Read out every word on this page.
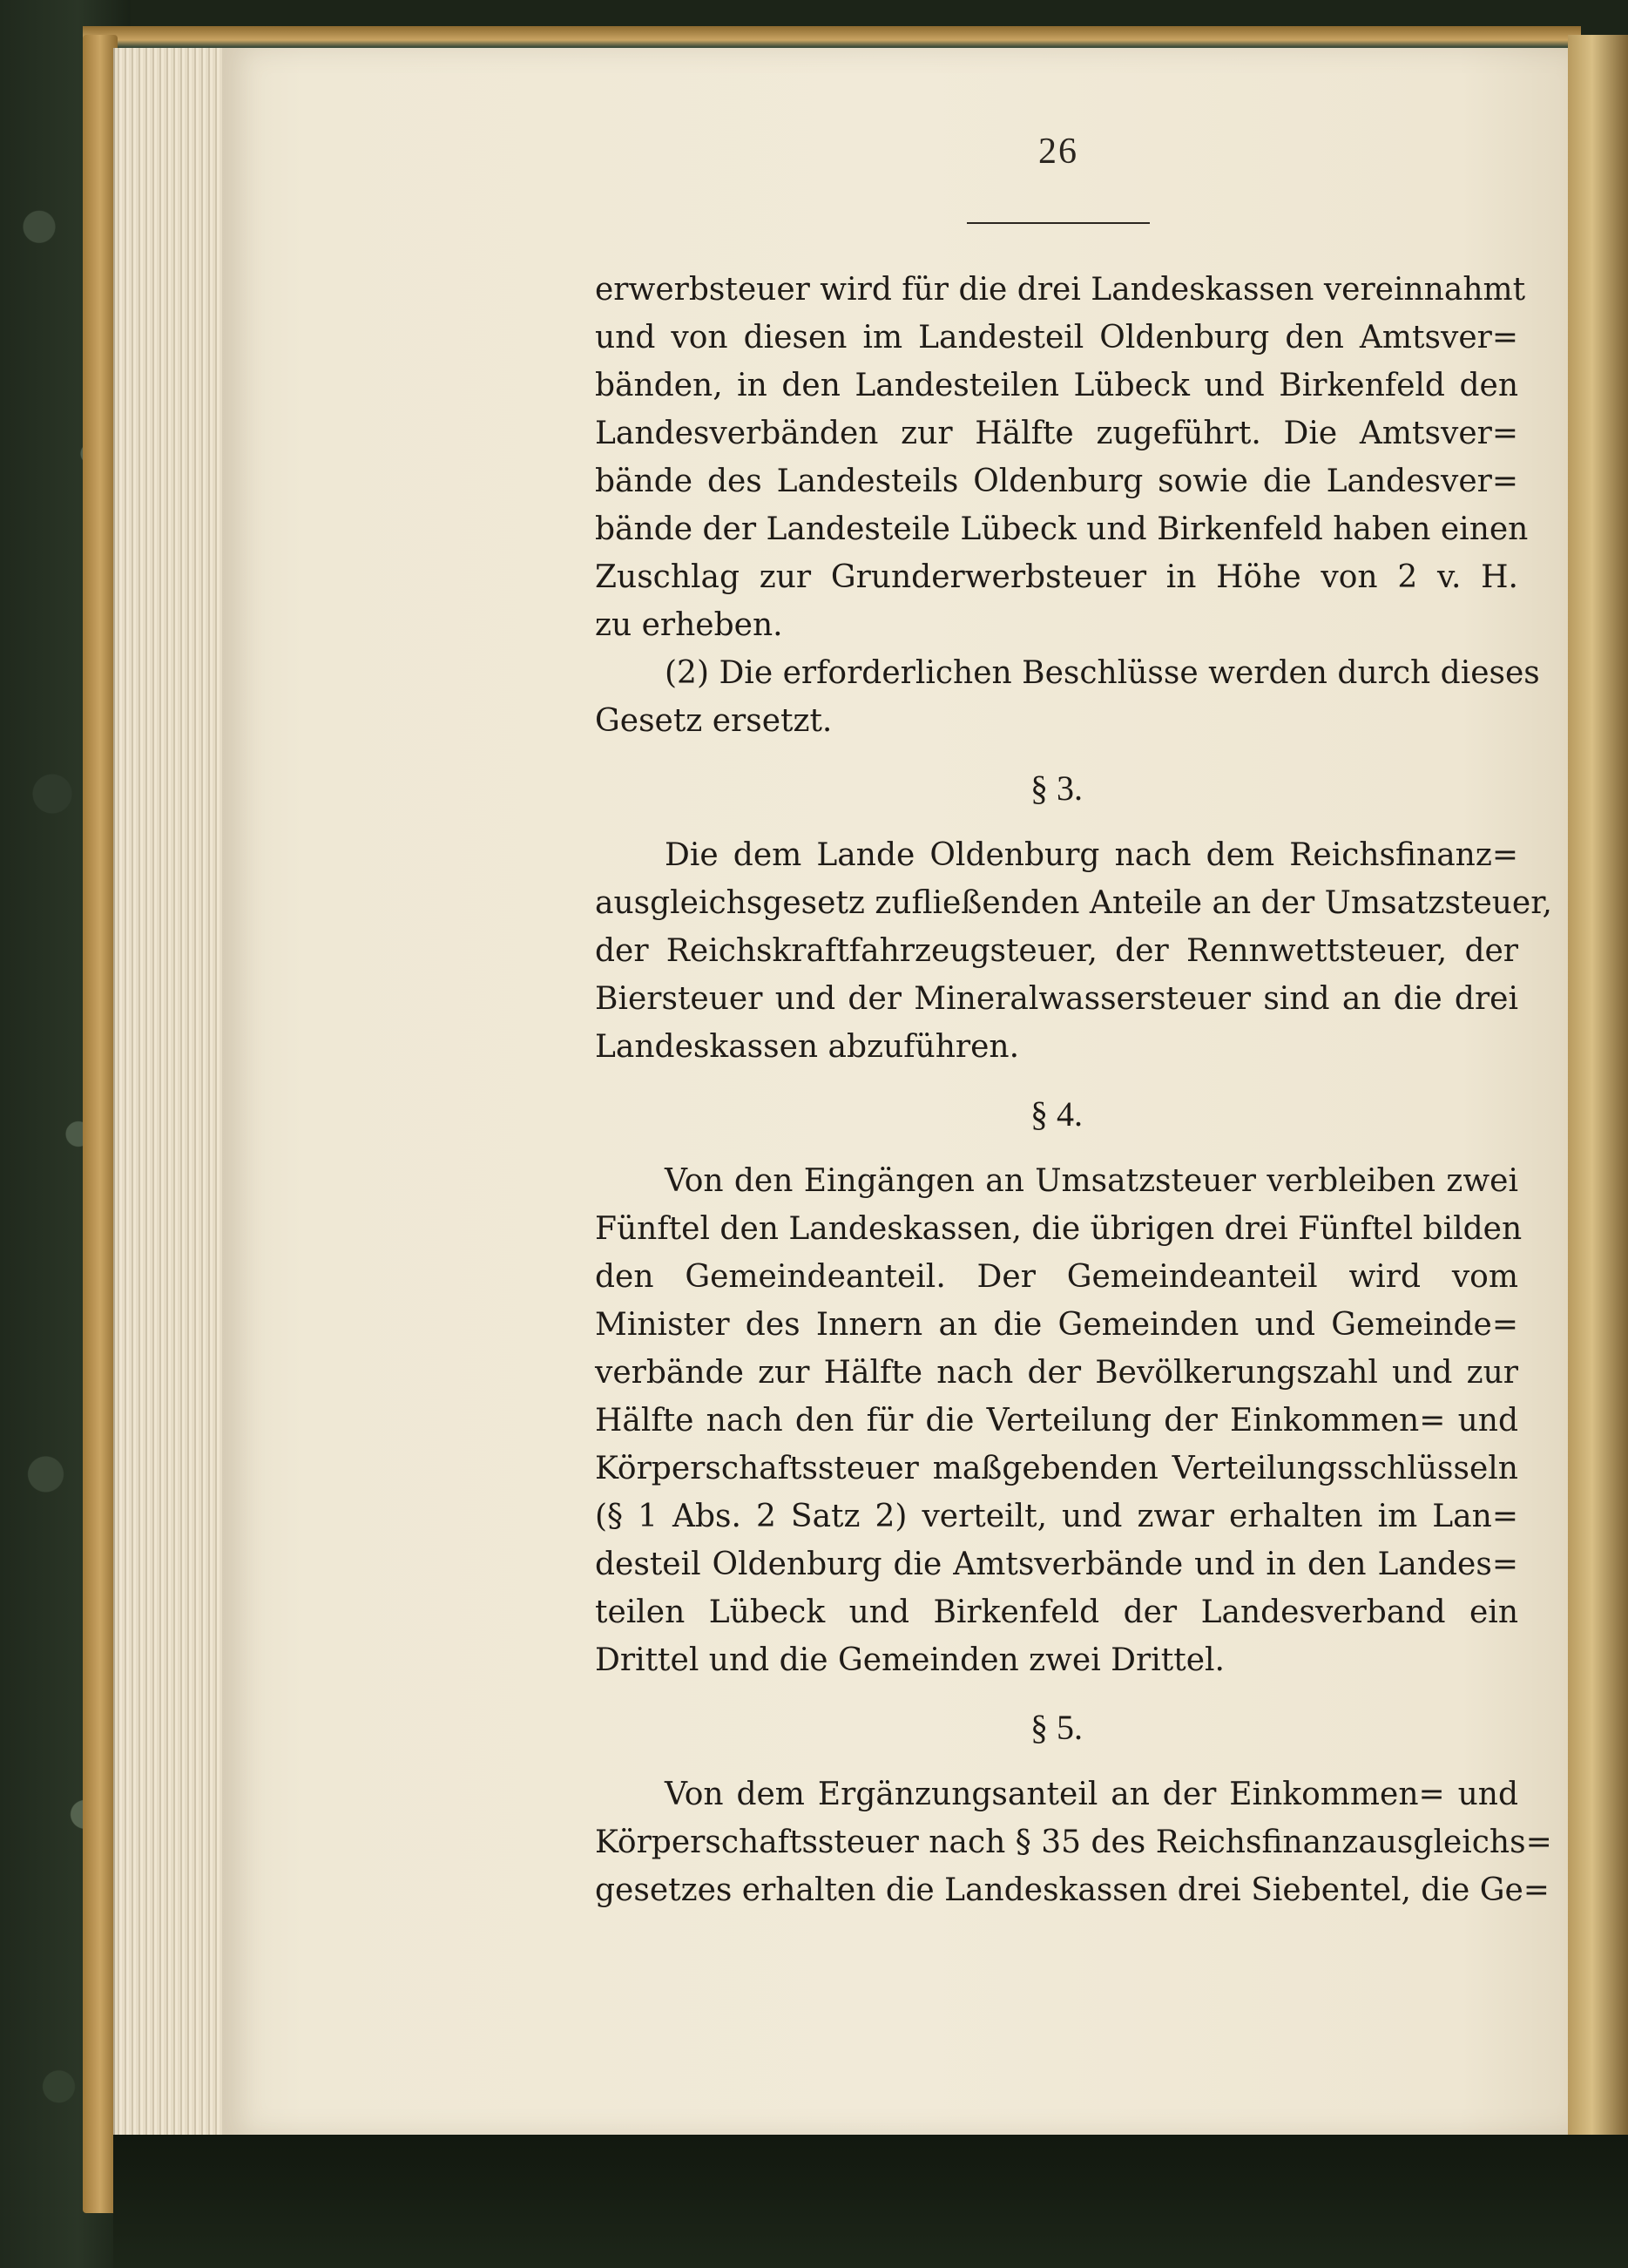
26
erwerbsteuer wird für die drei Landeskassen vereinnahmt
und von diesen im Landesteil Oldenburg den Amtsver=
bänden, in den Landesteilen Lübeck und Birkenfeld den
Landesverbänden zur Hälfte zugeführt. Die Amtsver=
bände des Landesteils Oldenburg sowie die Landesver=
bände der Landesteile Lübeck und Birkenfeld haben einen
Zuschlag zur Grunderwerbsteuer in Höhe von 2 v. H.
zu erheben.
(2) Die erforderlichen Beschlüsse werden durch dieses
Gesetz ersetzt.
§ 3.
Die dem Lande Oldenburg nach dem Reichsfinanz=
ausgleichsgesetz zufließenden Anteile an der Umsatzsteuer,
der Reichskraftfahrzeugsteuer, der Rennwettsteuer, der
Biersteuer und der Mineralwassersteuer sind an die drei
Landeskassen abzuführen.
§ 4.
Von den Eingängen an Umsatzsteuer verbleiben zwei
Fünftel den Landeskassen, die übrigen drei Fünftel bilden
den Gemeindeanteil. Der Gemeindeanteil wird vom
Minister des Innern an die Gemeinden und Gemeinde=
verbände zur Hälfte nach der Bevölkerungszahl und zur
Hälfte nach den für die Verteilung der Einkommen= und
Körperschaftssteuer maßgebenden Verteilungsschlüsseln
(§ 1 Abs. 2 Satz 2) verteilt, und zwar erhalten im Lan=
desteil Oldenburg die Amtsverbände und in den Landes=
teilen Lübeck und Birkenfeld der Landesverband ein
Drittel und die Gemeinden zwei Drittel.
§ 5.
Von dem Ergänzungsanteil an der Einkommen= und
Körperschaftssteuer nach § 35 des Reichsfinanzausgleichs=
gesetzes erhalten die Landeskassen drei Siebentel, die Ge=
